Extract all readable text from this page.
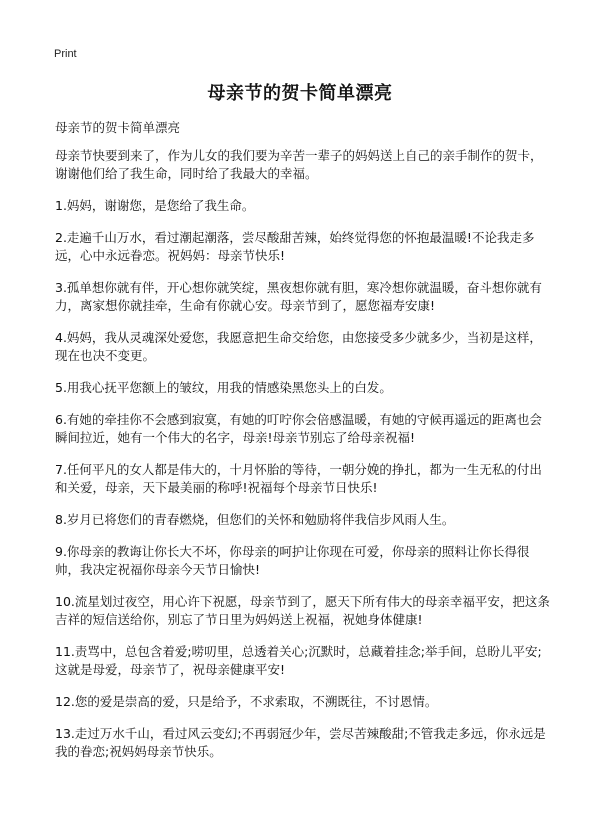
Print
母亲节的贺卡简单漂亮

母亲节的贺卡简单漂亮

母亲节快要到来了，作为儿女的我们要为辛苦一辈子的妈妈送上自己的亲手制作的贺卡，谢谢他们给了我生命，同时给了我最大的幸福。

1.妈妈，谢谢您，是您给了我生命。

2.走遍千山万水，看过潮起潮落，尝尽酸甜苦辣，始终觉得您的怀抱最温暖!不论我走多远，心中永远眷恋。祝妈妈：母亲节快乐!

3.孤单想你就有伴，开心想你就笑绽，黑夜想你就有胆，寒冷想你就温暖，奋斗想你就有力，离家想你就挂牵，生命有你就心安。母亲节到了，愿您福寿安康!

4.妈妈，我从灵魂深处爱您，我愿意把生命交给您，由您接受多少就多少，当初是这样，现在也决不变更。

5.用我心抚平您额上的皱纹，用我的情感染黑您头上的白发。

6.有她的牵挂你不会感到寂寞，有她的叮咛你会倍感温暖，有她的守候再遥远的距离也会瞬间拉近，她有一个伟大的名字，母亲!母亲节别忘了给母亲祝福!

7.任何平凡的女人都是伟大的，十月怀胎的等待，一朝分娩的挣扎，都为一生无私的付出和关爱，母亲，天下最美丽的称呼!祝福每个母亲节日快乐!

8.岁月已将您们的青春燃烧，但您们的关怀和勉励将伴我信步风雨人生。

9.你母亲的教诲让你长大不坏，你母亲的呵护让你现在可爱，你母亲的照料让你长得很帅，我决定祝福你母亲今天节日愉快!

10.流星划过夜空，用心许下祝愿，母亲节到了，愿天下所有伟大的母亲幸福平安，把这条吉祥的短信送给你，别忘了节日里为妈妈送上祝福，祝她身体健康!

11.责骂中，总包含着爱;唠叨里，总透着关心;沉默时，总藏着挂念;举手间，总盼儿平安;这就是母爱，母亲节了，祝母亲健康平安!

12.您的爱是崇高的爱，只是给予，不求索取，不溯既往，不讨恩情。

13.走过万水千山，看过风云变幻;不再弱冠少年，尝尽苦辣酸甜;不管我走多远，你永远是我的眷恋;祝妈妈母亲节快乐。
